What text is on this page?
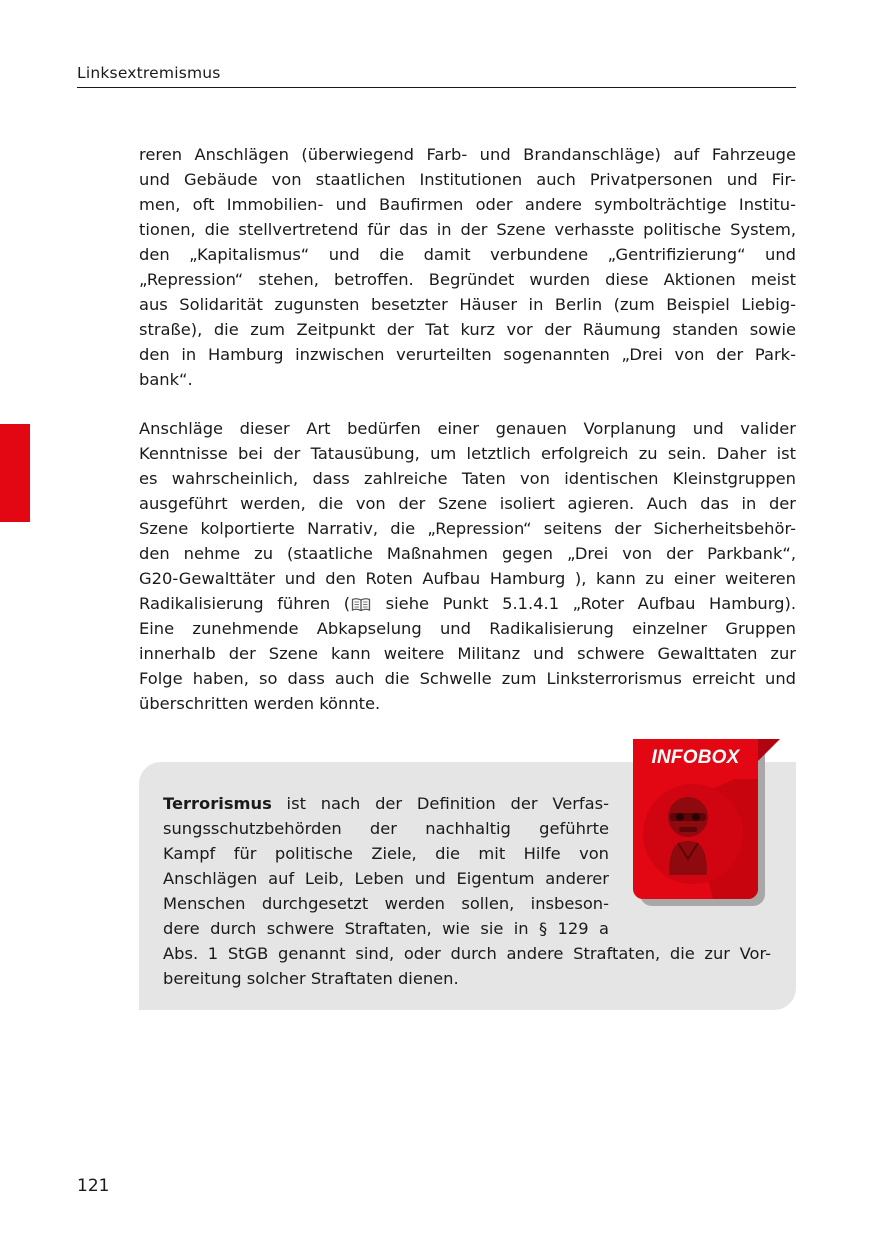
Linksextremismus
reren Anschlägen (überwiegend Farb- und Brandanschläge) auf Fahrzeuge
und Gebäude von staatlichen Institutionen auch Privatpersonen und Fir-
men, oft Immobilien- und Baufirmen oder andere symbolträchtige Institu-
tionen, die stellvertretend für das in der Szene verhasste politische System,
den „Kapitalismus“ und die damit verbundene „Gentrifizierung“ und
„Repression“ stehen, betroffen. Begründet wurden diese Aktionen meist
aus Solidarität zugunsten besetzter Häuser in Berlin (zum Beispiel Liebig-
straße), die zum Zeitpunkt der Tat kurz vor der Räumung standen sowie
den in Hamburg inzwischen verurteilten sogenannten „Drei von der Park-
bank“.
Anschläge dieser Art bedürfen einer genauen Vorplanung und valider
Kenntnisse bei der Tatausübung, um letztlich erfolgreich zu sein. Daher ist
es wahrscheinlich, dass zahlreiche Taten von identischen Kleinstgruppen
ausgeführt werden, die von der Szene isoliert agieren. Auch das in der
Szene kolportierte Narrativ, die „Repression“ seitens der Sicherheitsbehör-
den nehme zu (staatliche Maßnahmen gegen „Drei von der Parkbank“,
G20-Gewalttäter und den Roten Aufbau Hamburg ), kann zu einer weiteren
Radikalisierung führen ( siehe Punkt 5.1.4.1 „Roter Aufbau Hamburg).
Eine zunehmende Abkapselung und Radikalisierung einzelner Gruppen
innerhalb der Szene kann weitere Militanz und schwere Gewalttaten zur
Folge haben, so dass auch die Schwelle zum Linksterrorismus erreicht und
überschritten werden könnte.
Terrorismus ist nach der Definition der Verfas-
sungsschutzbehörden der nachhaltig geführte
Kampf für politische Ziele, die mit Hilfe von
Anschlägen auf Leib, Leben und Eigentum anderer
Menschen durchgesetzt werden sollen, insbeson-
dere durch schwere Straftaten, wie sie in § 129 a
Abs. 1 StGB genannt sind, oder durch andere Straftaten, die zur Vor-
bereitung solcher Straftaten dienen.
INFOBOX
121
